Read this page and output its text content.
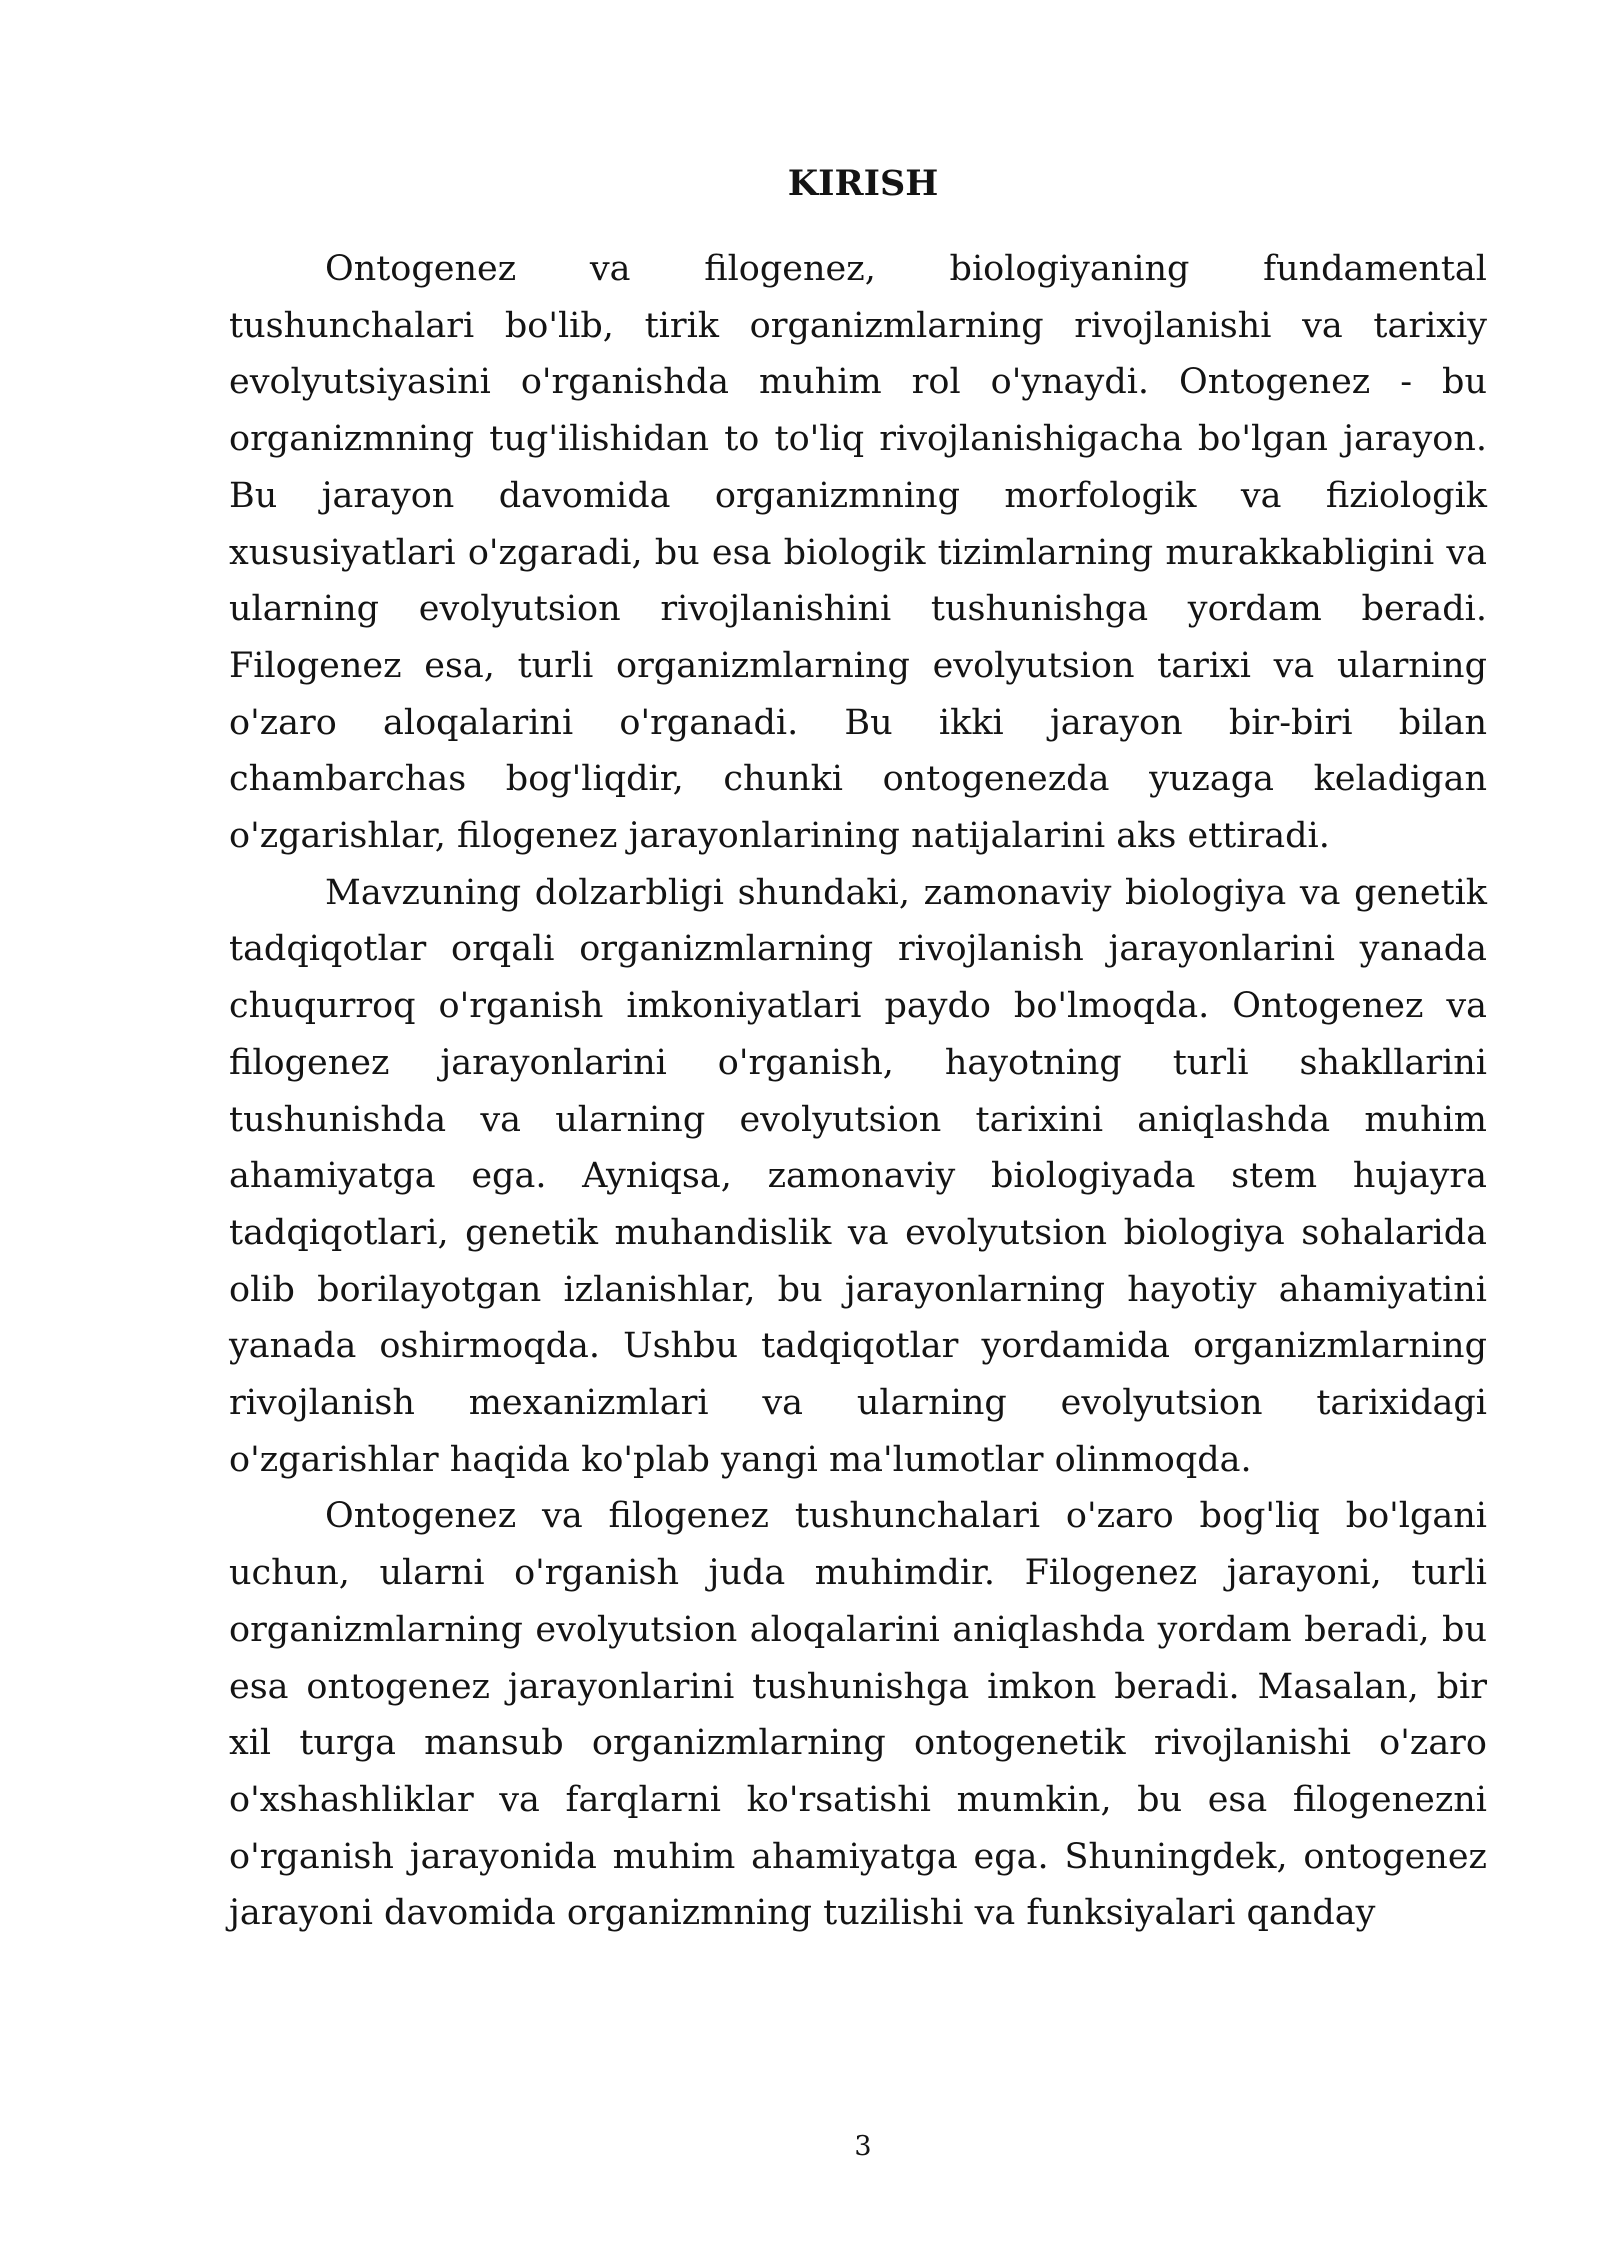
KIRISH

Ontogenez va filogenez, biologiyaning fundamental tushunchalari bo'lib, tirik organizmlarning rivojlanishi va tarixiy evolyutsiyasini o'rganishda muhim rol o'ynaydi. Ontogenez - bu organizmning tug'ilishidan to to'liq rivojlanishigacha bo'lgan jarayon. Bu jarayon davomida organizmning morfologik va fiziologik xususiyatlari o'zgaradi, bu esa biologik tizimlarning murakkabligini va ularning evolyutsion rivojlanishini tushunishga yordam beradi. Filogenez esa, turli organizmlarning evolyutsion tarixi va ularning o'zaro aloqalarini o'rganadi. Bu ikki jarayon bir-biri bilan chambarchas bog'liqdir, chunki ontogenezda yuzaga keladigan o'zgarishlar, filogenez jarayonlarining natijalarini aks ettiradi.

Mavzuning dolzarbligi shundaki, zamonaviy biologiya va genetik tadqiqotlar orqali organizmlarning rivojlanish jarayonlarini yanada chuqurroq o'rganish imkoniyatlari paydo bo'lmoqda. Ontogenez va filogenez jarayonlarini o'rganish, hayotning turli shakllarini tushunishda va ularning evolyutsion tarixini aniqlashda muhim ahamiyatga ega. Ayniqsa, zamonaviy biologiyada stem hujayra tadqiqotlari, genetik muhandislik va evolyutsion biologiya sohalarida olib borilayotgan izlanishlar, bu jarayonlarning hayotiy ahamiyatini yanada oshirmoqda. Ushbu tadqiqotlar yordamida organizmlarning rivojlanish mexanizmlari va ularning evolyutsion tarixidagi o'zgarishlar haqida ko'plab yangi ma'lumotlar olinmoqda.

Ontogenez va filogenez tushunchalari o'zaro bog'liq bo'lgani uchun, ularni o'rganish juda muhimdir. Filogenez jarayoni, turli organizmlarning evolyutsion aloqalarini aniqlashda yordam beradi, bu esa ontogenez jarayonlarini tushunishga imkon beradi. Masalan, bir xil turga mansub organizmlarning ontogenetik rivojlanishi o'zaro o'xshashliklar va farqlarni ko'rsatishi mumkin, bu esa filogenezni o'rganish jarayonida muhim ahamiyatga ega. Shuningdek, ontogenez jarayoni davomida organizmning tuzilishi va funksiyalari qanday

3
